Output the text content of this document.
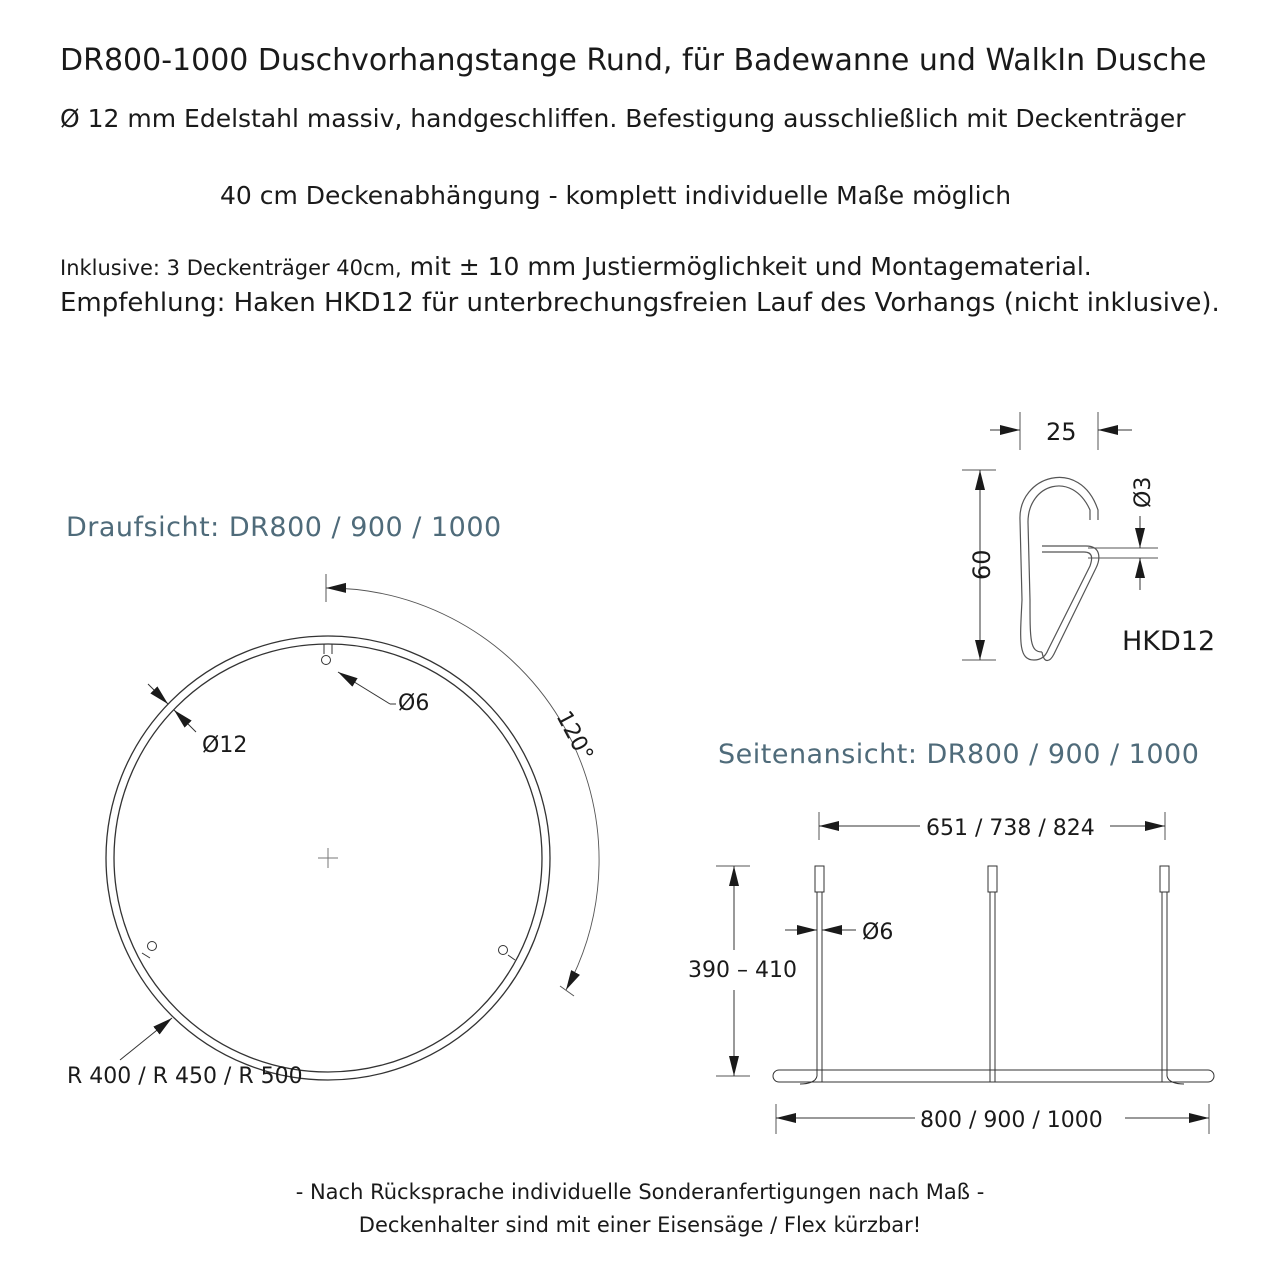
DR800-1000 Duschvorhangstange Rund, für Badewanne und WalkIn Dusche
Ø 12 mm Edelstahl massiv, handgeschliffen. Befestigung ausschließlich mit Deckenträger
40 cm Deckenabhängung - komplett individuelle Maße möglich
Inklusive: 3 Deckenträger 40cm, mit ± 10 mm Justiermöglichkeit und Montagematerial.
Empfehlung: Haken HKD12 für unterbrechungsfreien Lauf des Vorhangs (nicht inklusive).
Draufsicht: DR800 / 900 / 1000
Seitenansicht: DR800 / 900 / 1000
120°
Ø6
Ø12
R 400 / R 450 / R 500
25
60
Ø3
HKD12
651 / 738 / 824
Ø6
390 – 410
800 / 900 / 1000
- Nach Rücksprache individuelle Sonderanfertigungen nach Maß -
Deckenhalter sind mit einer Eisensäge / Flex kürzbar!
